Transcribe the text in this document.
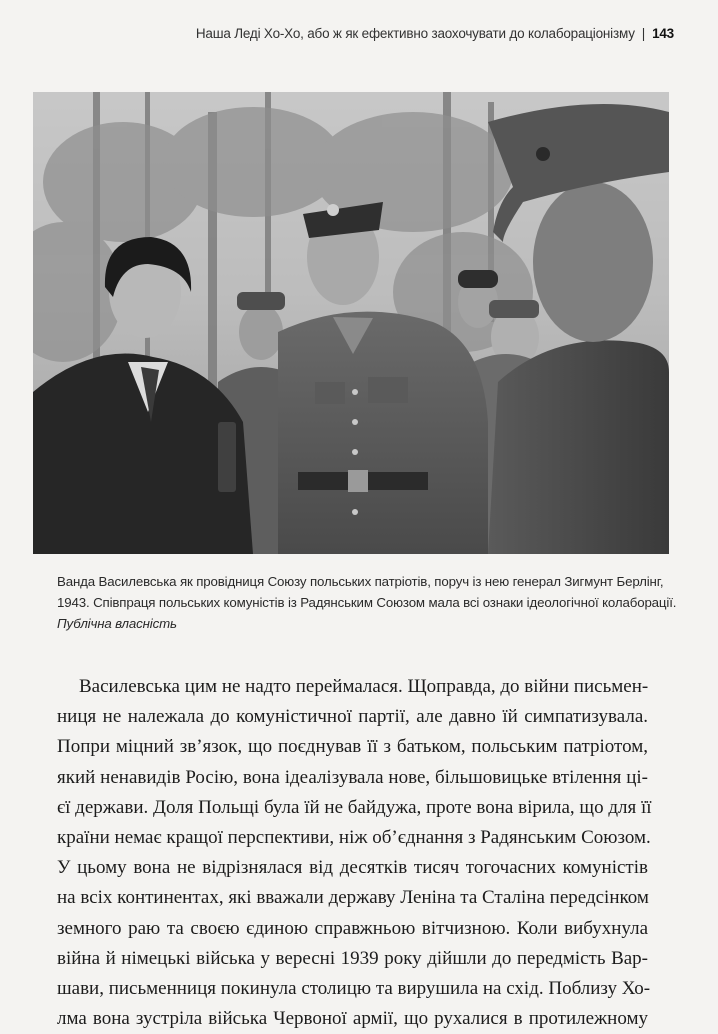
Наша Леді Хо-Хо, або ж як ефективно заохочувати до колабораціонізму | 143
Ванда Василевська як провідниця Союзу польських патріотів, поруч із нею генерал Зигмунт Берлінг, 1943. Співпраця польських комуністів із Радянським Союзом мала всі ознаки ідеологічної колаборації. Публічна власність
Василевська цим не надто переймалася. Щоправда, до війни письмен-
ниця не належала до комуністичної партії, але давно їй симпатизувала.
Попри міцний зв’язок, що поєднував її з батьком, польським патріотом,
який ненавидів Росію, вона ідеалізувала нове, більшовицьке втілення ці-
єї держави. Доля Польщі була їй не байдужа, проте вона вірила, що для її
країни немає кращої перспективи, ніж об’єднання з Радянським Союзом.
У цьому вона не відрізнялася від десятків тисяч тогочасних комуністів
на всіх континентах, які вважали державу Леніна та Сталіна передсінком
земного раю та своєю єдиною справжньою вітчизною. Коли вибухнула
війна й німецькі війська у вересні 1939 року дійшли до передмість Вар-
шави, письменниця покинула столицю та вирушила на схід. Поблизу Хо-
лма вона зустріла війська Червоної армії, що рухалися в протилежному
